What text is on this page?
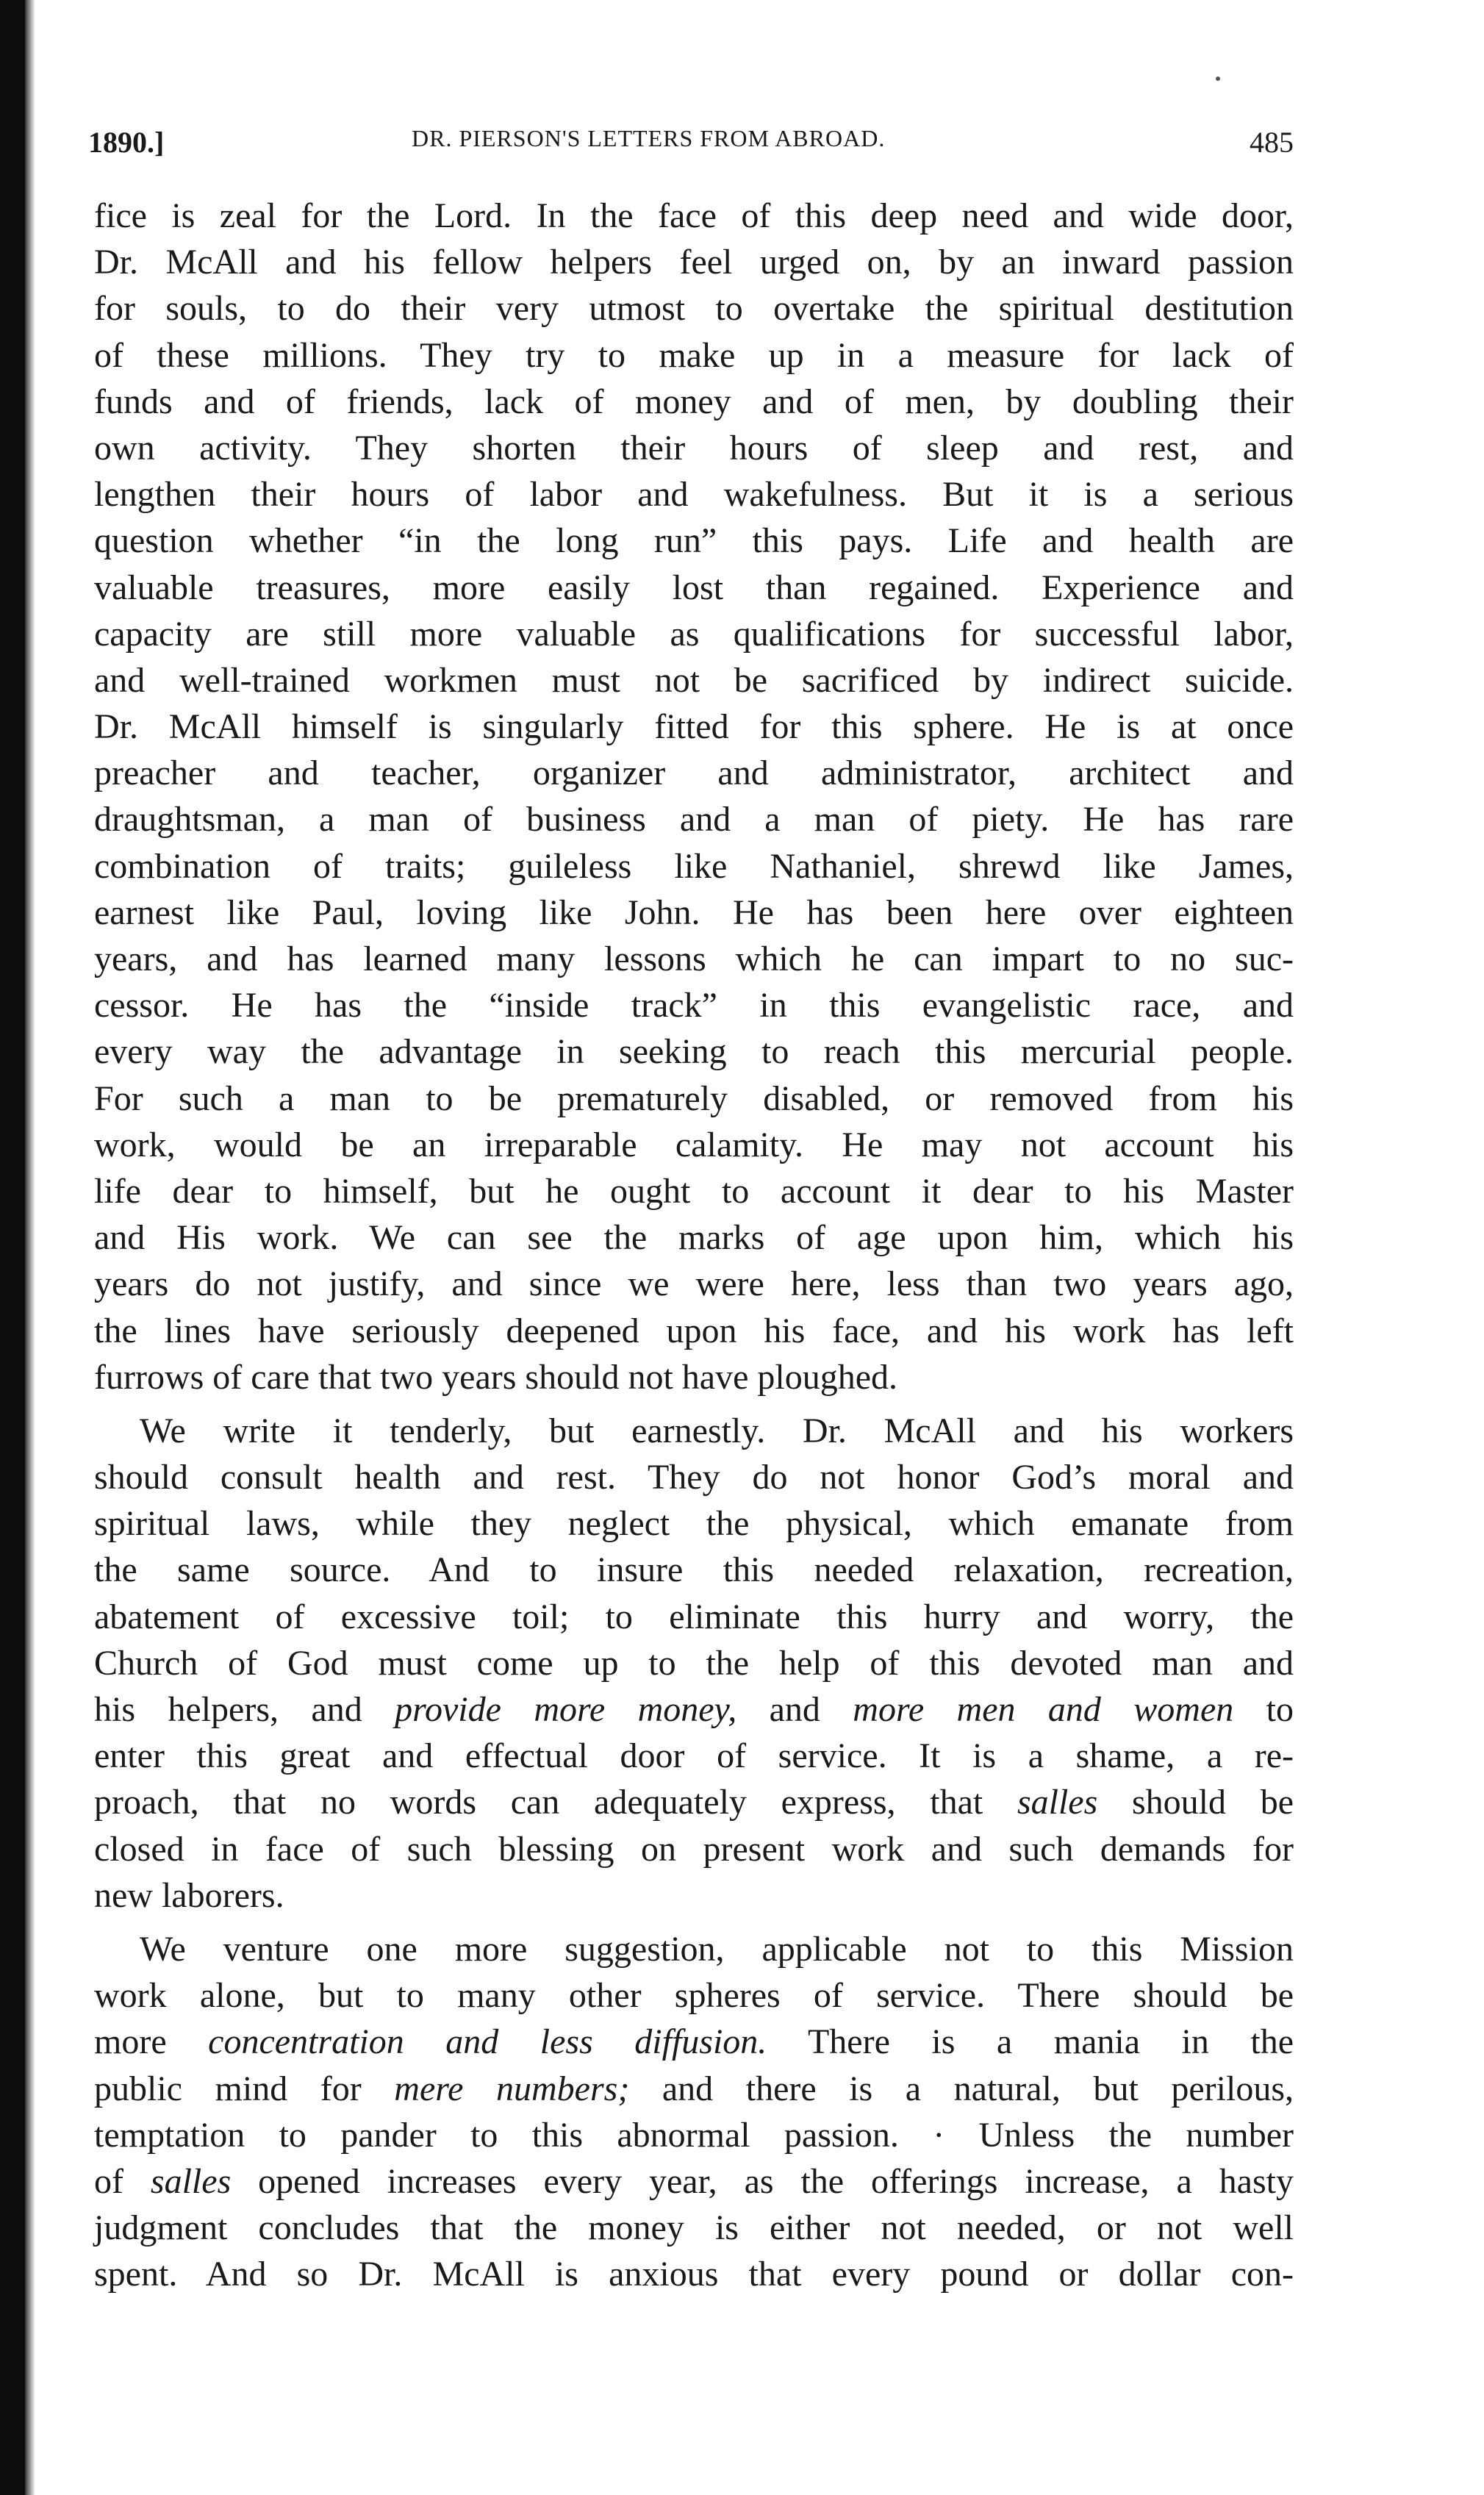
1890.]	DR. PIERSON'S LETTERS FROM ABROAD.	485
fice is zeal for the Lord. In the face of this deep need and wide door,
Dr. McAll and his fellow helpers feel urged on, by an inward passion
for souls, to do their very utmost to overtake the spiritual destitution
of these millions. They try to make up in a measure for lack of
funds and of friends, lack of money and of men, by doubling their
own activity. They shorten their hours of sleep and rest, and
lengthen their hours of labor and wakefulness. But it is a serious
question whether “in the long run” this pays. Life and health are
valuable treasures, more easily lost than regained. Experience and
capacity are still more valuable as qualifications for successful labor,
and well-trained workmen must not be sacrificed by indirect suicide.
Dr. McAll himself is singularly fitted for this sphere. He is at once
preacher and teacher, organizer and administrator, architect and
draughtsman, a man of business and a man of piety. He has rare
combination of traits; guileless like Nathaniel, shrewd like James,
earnest like Paul, loving like John. He has been here over eighteen
years, and has learned many lessons which he can impart to no suc-
cessor. He has the “inside track” in this evangelistic race, and
every way the advantage in seeking to reach this mercurial people.
For such a man to be prematurely disabled, or removed from his
work, would be an irreparable calamity. He may not account his
life dear to himself, but he ought to account it dear to his Master
and His work. We can see the marks of age upon him, which his
years do not justify, and since we were here, less than two years ago,
the lines have seriously deepened upon his face, and his work has left
furrows of care that two years should not have ploughed.
We write it tenderly, but earnestly. Dr. McAll and his workers
should consult health and rest. They do not honor God’s moral and
spiritual laws, while they neglect the physical, which emanate from
the same source. And to insure this needed relaxation, recreation,
abatement of excessive toil; to eliminate this hurry and worry, the
Church of God must come up to the help of this devoted man and
his helpers, and provide more money, and more men and women to
enter this great and effectual door of service. It is a shame, a re-
proach, that no words can adequately express, that salles should be
closed in face of such blessing on present work and such demands for
new laborers.
We venture one more suggestion, applicable not to this Mission
work alone, but to many other spheres of service. There should be
more concentration and less diffusion. There is a mania in the
public mind for mere numbers; and there is a natural, but perilous,
temptation to pander to this abnormal passion. · Unless the number
of salles opened increases every year, as the offerings increase, a hasty
judgment concludes that the money is either not needed, or not well
spent. And so Dr. McAll is anxious that every pound or dollar con-
